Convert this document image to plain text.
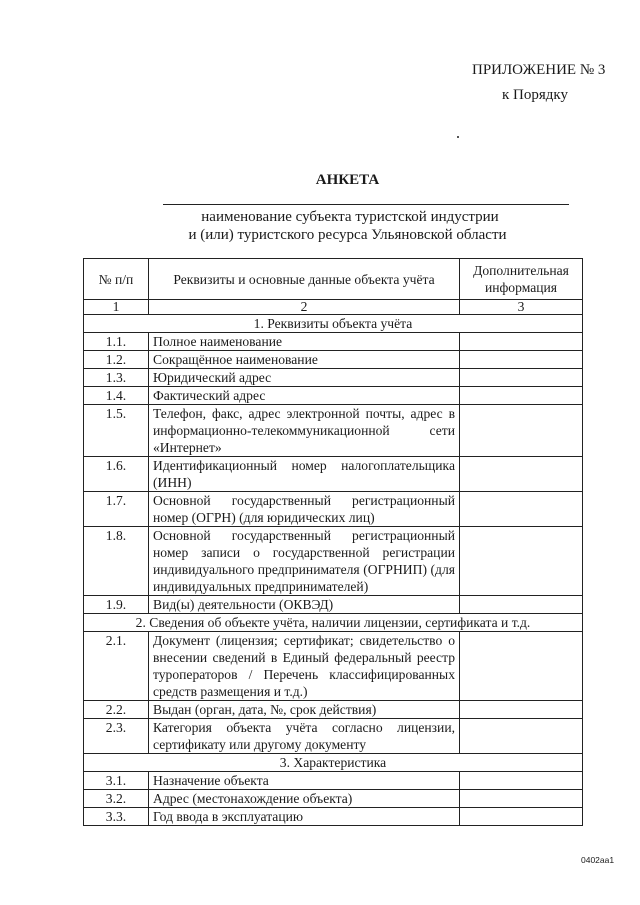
ПРИЛОЖЕНИЕ № 3
к Порядку
АНКЕТА
наименование субъекта туристской индустрии
и (или) туристского ресурса Ульяновской области
№ п/п	Реквизиты и основные данные объекта учёта	Дополнительная информация
1	2	3
1. Реквизиты объекта учёта		
1.1.	Полное наименование	
1.2.	Сокращённое наименование	
1.3.	Юридический адрес	
1.4.	Фактический адрес	
1.5.	Телефон, факс, адрес электронной почты, адрес в информационно-телекоммуникационной сети «Интернет»	
1.6.	Идентификационный номер налогоплательщика (ИНН)	
1.7.	Основной государственный регистрационный номер (ОГРН) (для юридических лиц)	
1.8.	Основной государственный регистрационный номер записи о государственной регистрации индивидуального предпринимателя (ОГРНИП) (для индивидуальных предпринимателей)	
1.9.	Вид(ы) деятельности (ОКВЭД)	
2. Сведения об объекте учёта, наличии лицензии, сертификата и т.д.		
2.1.	Документ (лицензия; сертификат; свидетельство о внесении сведений в Единый федеральный реестр туроператоров / Перечень классифицированных средств размещения и т.д.)	
2.2.	Выдан (орган, дата, №, срок действия)	
2.3.	Категория объекта учёта согласно лицензии, сертификату или другому документу	
3. Характеристика		
3.1.	Назначение объекта	
3.2.	Адрес (местонахождение объекта)	
3.3.	Год ввода в эксплуатацию	
0402аа1
